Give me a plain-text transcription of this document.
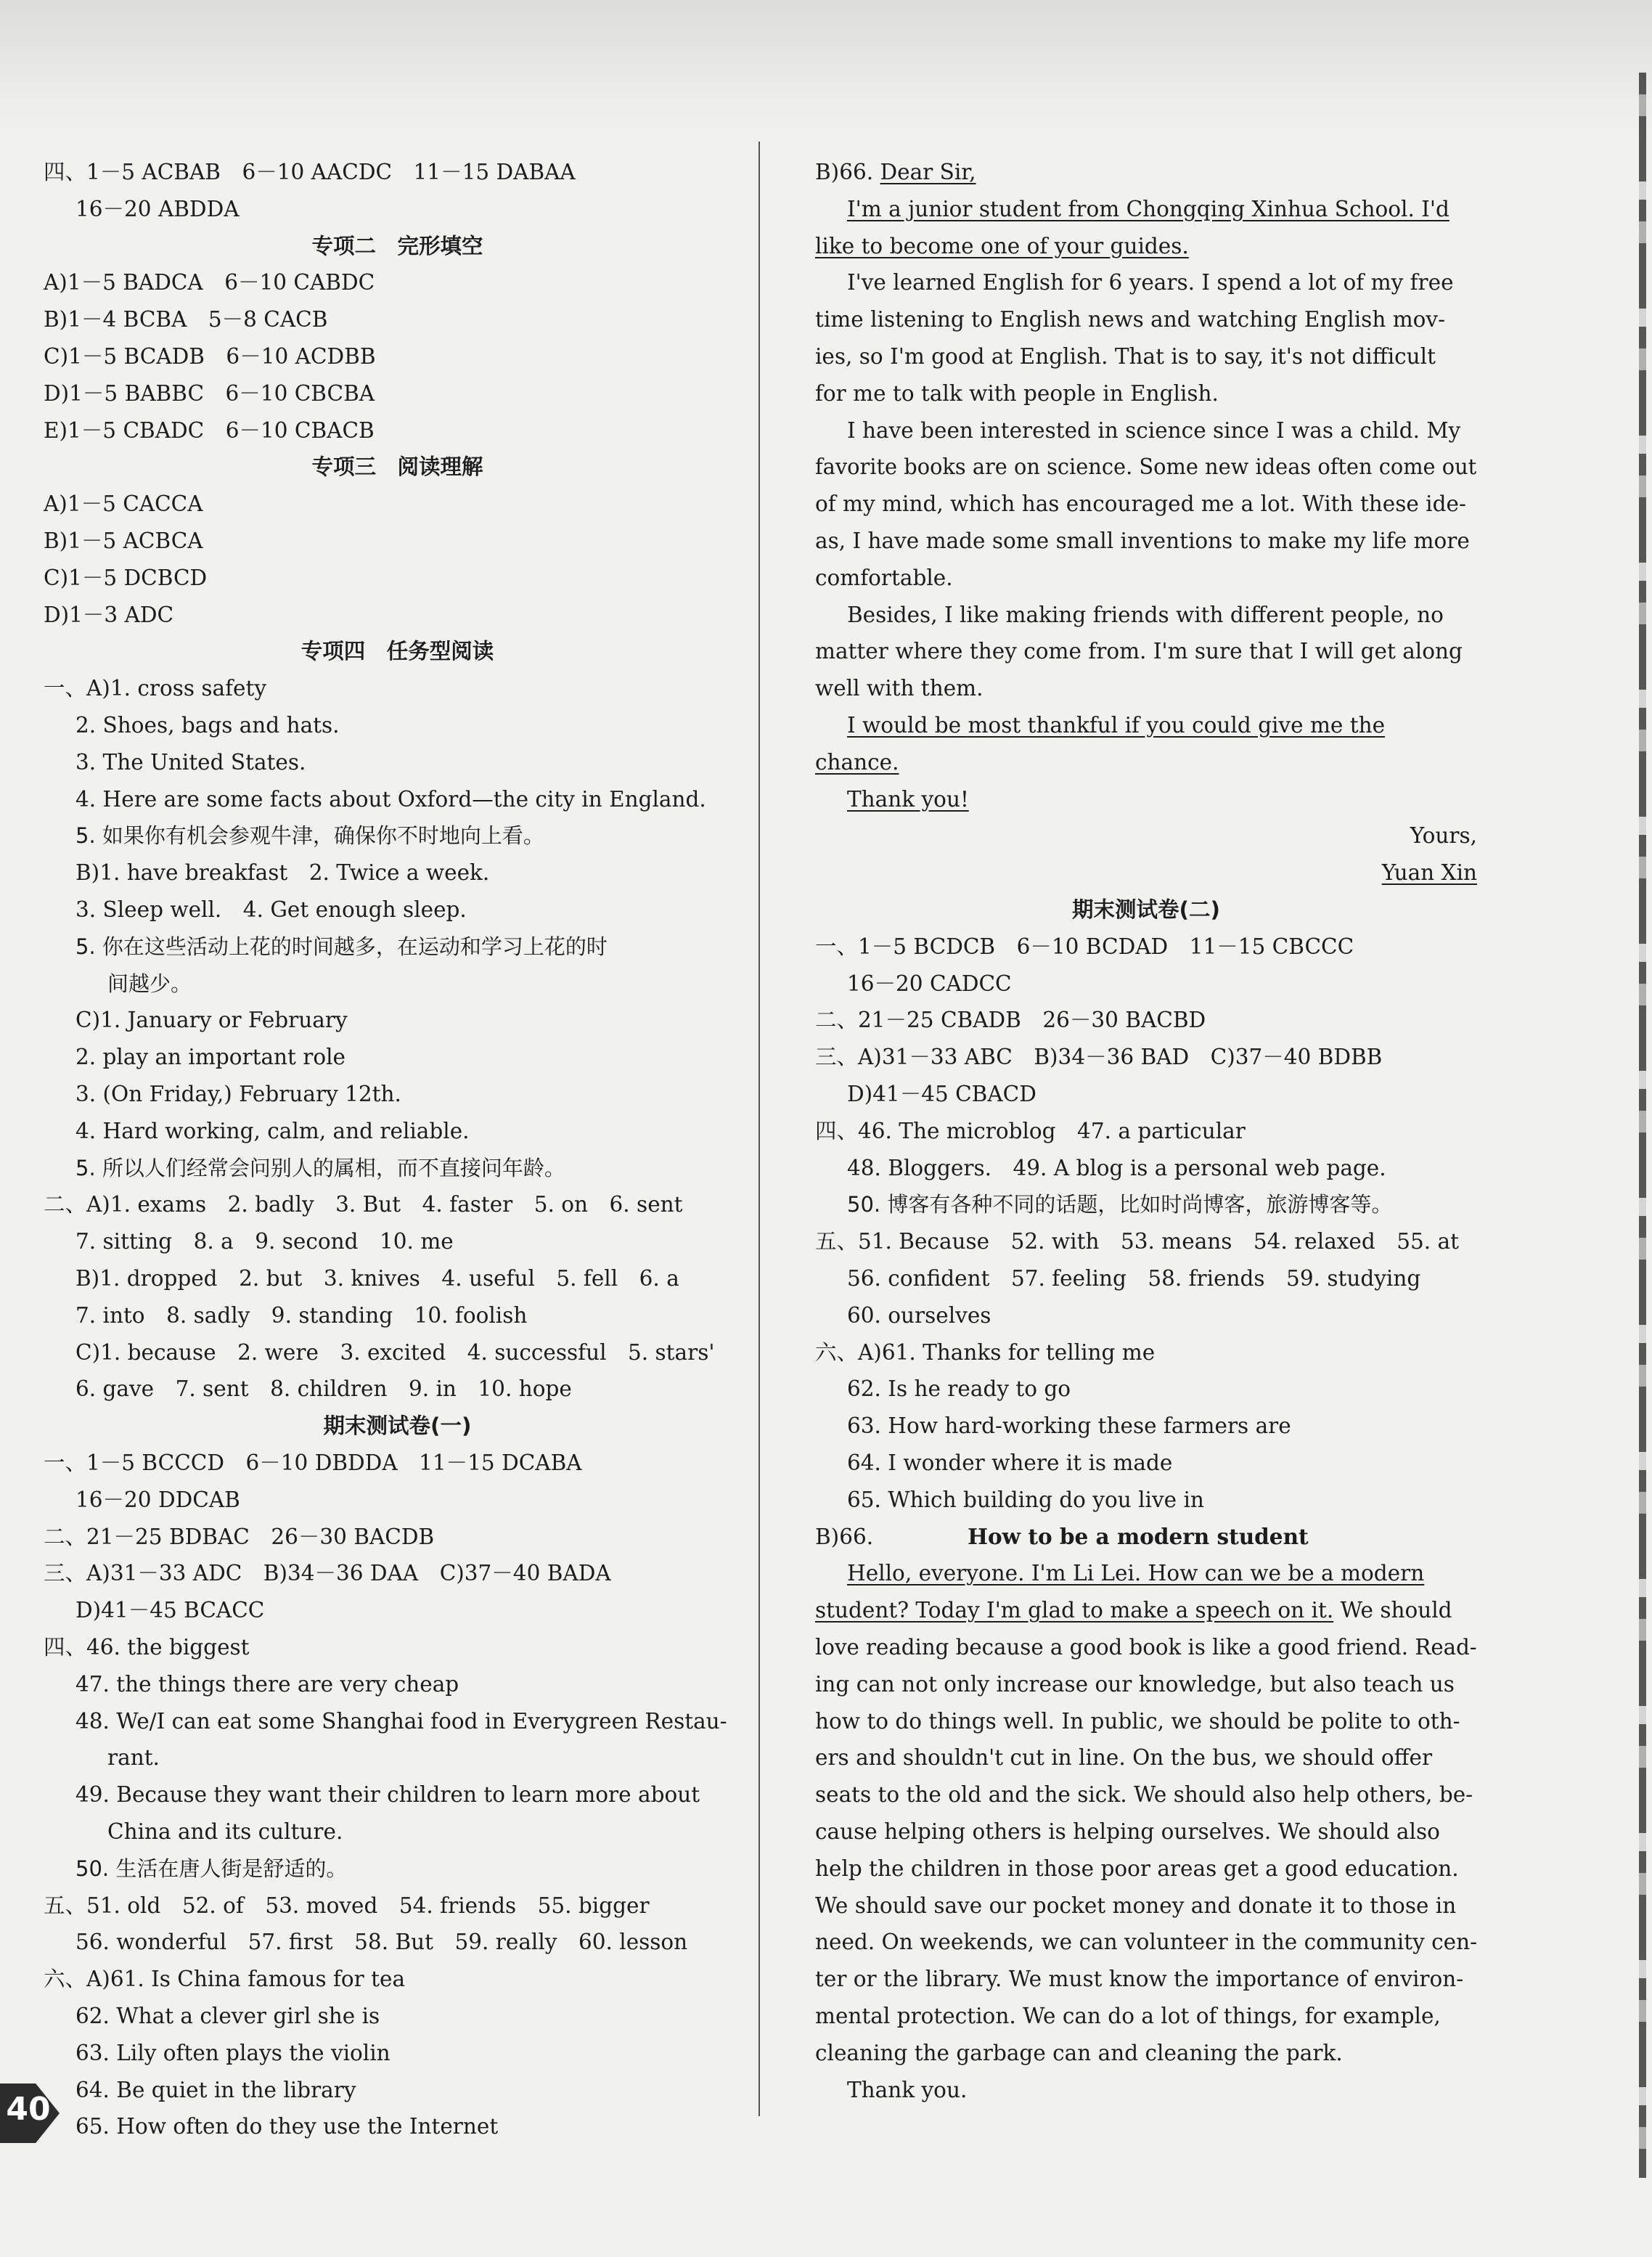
四、1－5 ACBAB　6－10 AACDC　11－15 DABAA
16－20 ABDDA
专项二　完形填空
A)1－5 BADCA　6－10 CABDC
B)1－4 BCBA　5－8 CACB
C)1－5 BCADB　6－10 ACDBB
D)1－5 BABBC　6－10 CBCBA
E)1－5 CBADC　6－10 CBACB
专项三　阅读理解
A)1－5 CACCA
B)1－5 ACBCA
C)1－5 DCBCD
D)1－3 ADC
专项四　任务型阅读
一、A)1. cross safety
2. Shoes, bags and hats.
3. The United States.
4. Here are some facts about Oxford—the city in England.
5. 如果你有机会参观牛津，确保你不时地向上看。
B)1. have breakfast　2. Twice a week.
3. Sleep well.　4. Get enough sleep.
5. 你在这些活动上花的时间越多，在运动和学习上花的时
间越少。
C)1. January or February
2. play an important role
3. (On Friday,) February 12th.
4. Hard working, calm, and reliable.
5. 所以人们经常会问别人的属相，而不直接问年龄。
二、A)1. exams　2. badly　3. But　4. faster　5. on　6. sent
7. sitting　8. a　9. second　10. me
B)1. dropped　2. but　3. knives　4. useful　5. fell　6. a
7. into　8. sadly　9. standing　10. foolish
C)1. because　2. were　3. excited　4. successful　5. stars'
6. gave　7. sent　8. children　9. in　10. hope
期末测试卷(一)
一、1－5 BCCCD　6－10 DBDDA　11－15 DCABA
16－20 DDCAB
二、21－25 BDBAC　26－30 BACDB
三、A)31－33 ADC　B)34－36 DAA　C)37－40 BADA
D)41－45 BCACC
四、46. the biggest
47. the things there are very cheap
48. We/I can eat some Shanghai food in Everygreen Restau-
rant.
49. Because they want their children to learn more about
China and its culture.
50. 生活在唐人街是舒适的。
五、51. old　52. of　53. moved　54. friends　55. bigger
56. wonderful　57. first　58. But　59. really　60. lesson
六、A)61. Is China famous for tea
62. What a clever girl she is
63. Lily often plays the violin
64. Be quiet in the library
65. How often do they use the Internet
B)66. Dear Sir,
I'm a junior student from Chongqing Xinhua School. I'd
like to become one of your guides.
I've learned English for 6 years. I spend a lot of my free
time listening to English news and watching English mov-
ies, so I'm good at English. That is to say, it's not difficult
for me to talk with people in English.
I have been interested in science since I was a child. My
favorite books are on science. Some new ideas often come out
of my mind, which has encouraged me a lot. With these ide-
as, I have made some small inventions to make my life more
comfortable.
Besides, I like making friends with different people, no
matter where they come from. I'm sure that I will get along
well with them.
I would be most thankful if you could give me the
chance.
Thank you!
Yours,
Yuan Xin
期末测试卷(二)
一、1－5 BCDCB　6－10 BCDAD　11－15 CBCCC
16－20 CADCC
二、21－25 CBADB　26－30 BACBD
三、A)31－33 ABC　B)34－36 BAD　C)37－40 BDBB
D)41－45 CBACD
四、46. The microblog　47. a particular
48. Bloggers.　49. A blog is a personal web page.
50. 博客有各种不同的话题，比如时尚博客，旅游博客等。
五、51. Because　52. with　53. means　54. relaxed　55. at
56. confident　57. feeling　58. friends　59. studying
60. ourselves
六、A)61. Thanks for telling me
62. Is he ready to go
63. How hard-working these farmers are
64. I wonder where it is made
65. Which building do you live in
B)66.	How to be a modern student
Hello, everyone. I'm Li Lei. How can we be a modern
student? Today I'm glad to make a speech on it. We should
love reading because a good book is like a good friend. Read-
ing can not only increase our knowledge, but also teach us
how to do things well. In public, we should be polite to oth-
ers and shouldn't cut in line. On the bus, we should offer
seats to the old and the sick. We should also help others, be-
cause helping others is helping ourselves. We should also
help the children in those poor areas get a good education.
We should save our pocket money and donate it to those in
need. On weekends, we can volunteer in the community cen-
ter or the library. We must know the importance of environ-
mental protection. We can do a lot of things, for example,
cleaning the garbage can and cleaning the park.
Thank you.
40
